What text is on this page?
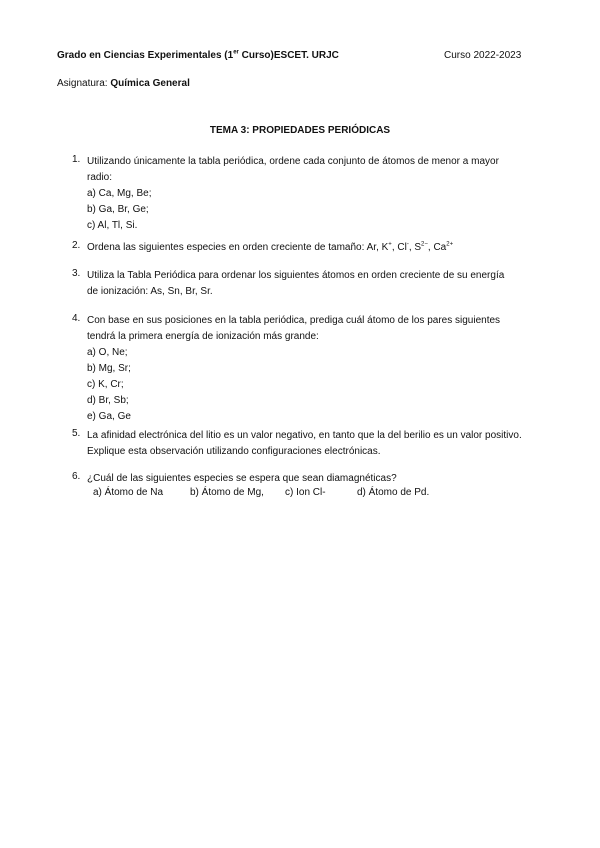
Grado en Ciencias Experimentales (1er Curso)ESCET. URJC	Curso 2022-2023
Asignatura: Química General
TEMA 3: PROPIEDADES PERIÓDICAS
1. Utilizando únicamente la tabla periódica, ordene cada conjunto de átomos de menor a mayor
radio:
a) Ca, Mg, Be;
b) Ga, Br, Ge;
c) Al, Tl, Si.
2. Ordena las siguientes especies en orden creciente de tamaño: Ar, K+, Cl-, $S^{2-}$, $Ca^{2+}$
3. Utiliza la Tabla Periódica para ordenar los siguientes átomos en orden creciente de su energía
de ionización: As, Sn, Br, Sr.
4. Con base en sus posiciones en la tabla periódica, prediga cuál átomo de los pares siguientes
tendrá la primera energía de ionización más grande:
a) O, Ne;
b) Mg, Sr;
c) K, Cr;
d) Br, Sb;
e) Ga, Ge
5. La afinidad electrónica del litio es un valor negativo, en tanto que la del berilio es un valor positivo.
Explique esta observación utilizando configuraciones electrónicas.
6. ¿Cuál de las siguientes especies se espera que sean diamagnéticas?
a) Átomo de Na	b) Átomo de Mg, c) Ion Cl-	d) Átomo de Pd.
